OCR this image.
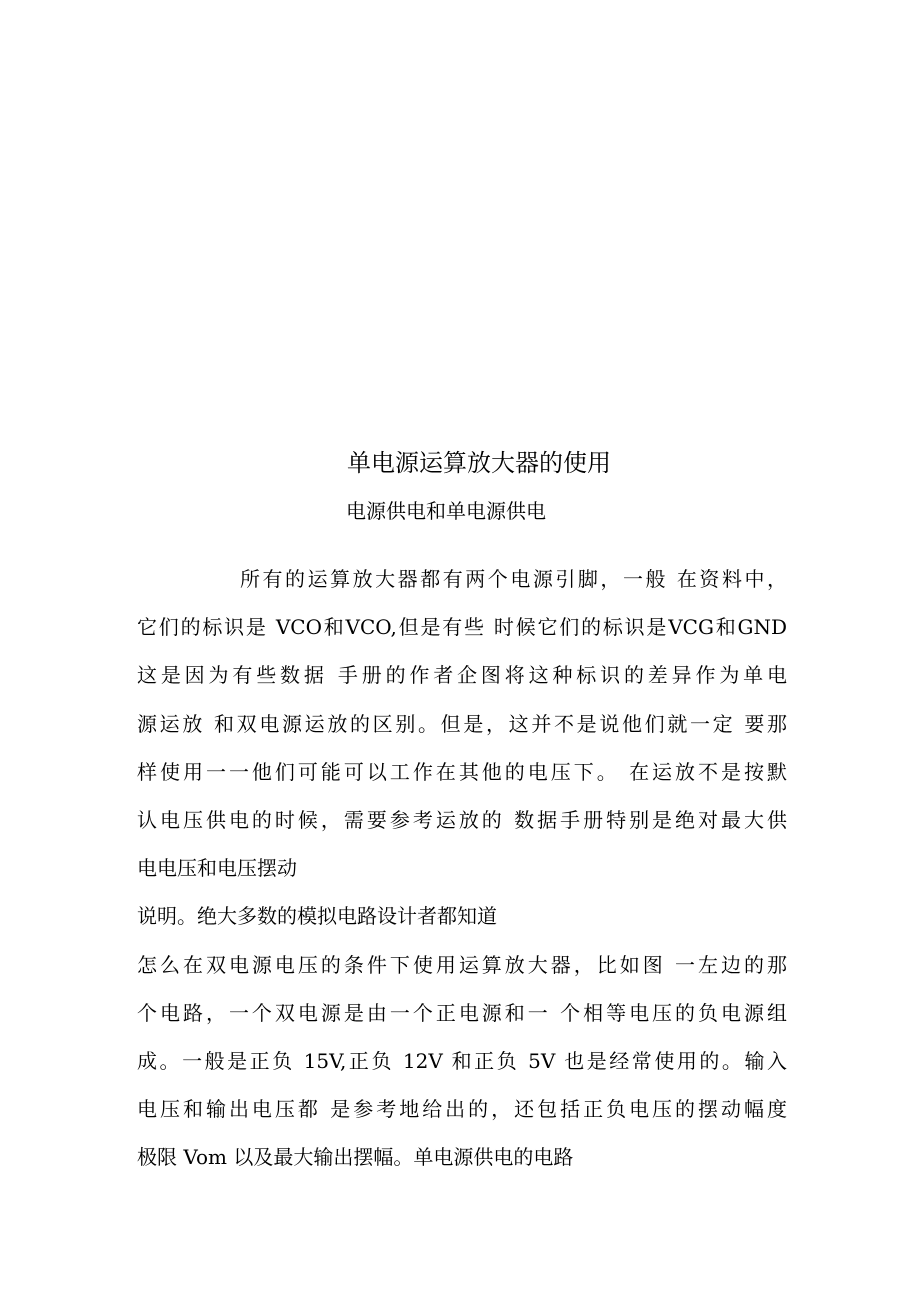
单电源运算放大器的使用
电源供电和单电源供电
所有的运算放大器都有两个电源引脚，一般 在资料中，
它们的标识是 VCO和VCO,但是有些 时候它们的标识是VCG和GND
这是因为有些数据 手册的作者企图将这种标识的差异作为单电
源运放 和双电源运放的区别。但是，这并不是说他们就一定 要那
样使用一一他们可能可以工作在其他的电压下。 在运放不是按默
认电压供电的时候，需要参考运放的 数据手册特别是绝对最大供
电电压和电压摆动
说明。绝大多数的模拟电路设计者都知道
怎么在双电源电压的条件下使用运算放大器，比如图 一左边的那
个电路，一个双电源是由一个正电源和一 个相等电压的负电源组
成。一般是正负 15V,正负 12V 和正负 5V 也是经常使用的。输入
电压和输出电压都 是参考地给出的，还包括正负电压的摆动幅度
极限 Vom 以及最大输出摆幅。单电源供电的电路
